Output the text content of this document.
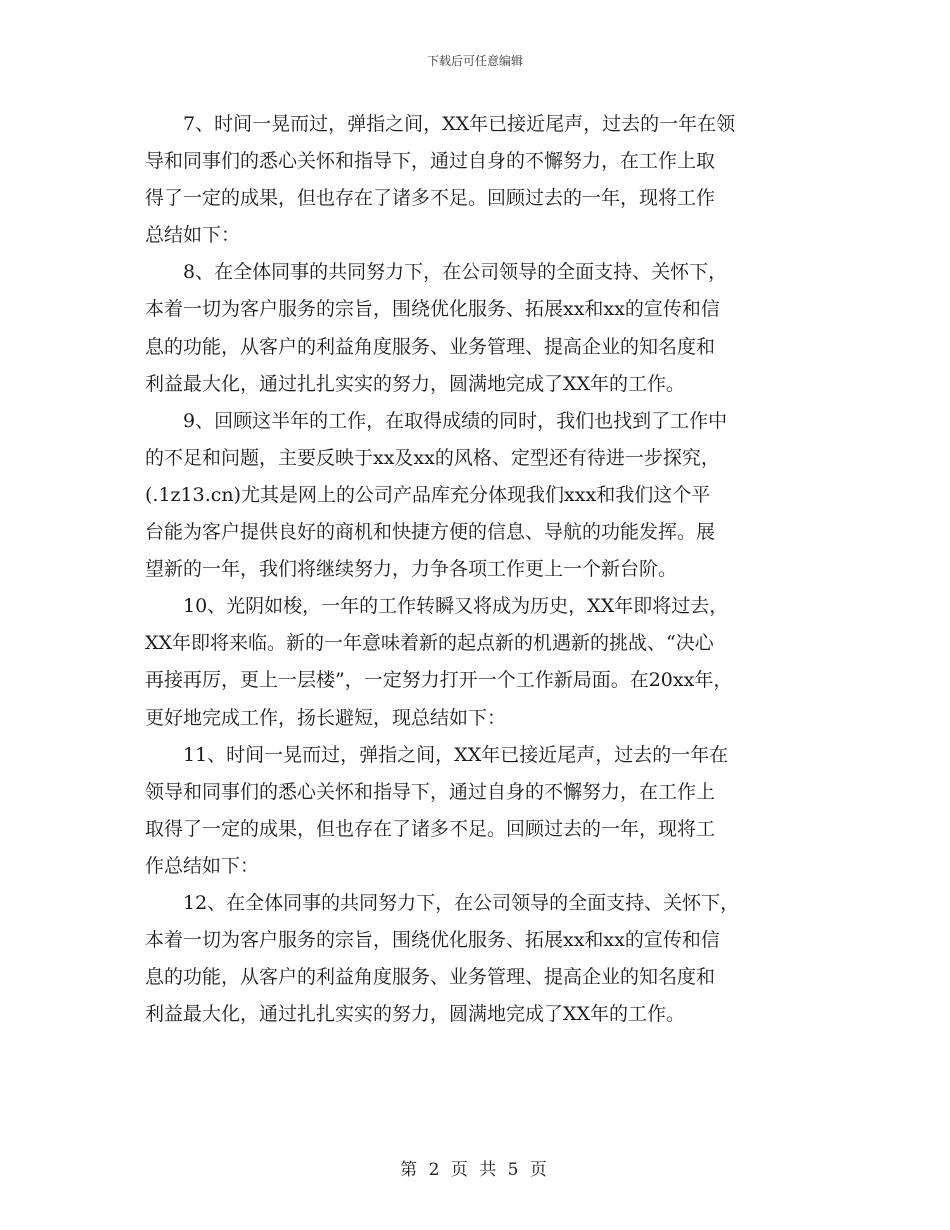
下载后可任意编辑
　　7、时间一晃而过，弹指之间，XX年已接近尾声，过去的一年在领
导和同事们的悉心关怀和指导下，通过自身的不懈努力，在工作上取
得了一定的成果，但也存在了诸多不足。回顾过去的一年，现将工作
总结如下：
　　8、在全体同事的共同努力下，在公司领导的全面支持、关怀下，
本着一切为客户服务的宗旨，围绕优化服务、拓展xx和xx的宣传和信
息的功能，从客户的利益角度服务、业务管理、提高企业的知名度和
利益最大化，通过扎扎实实的努力，圆满地完成了XX年的工作。
　　9、回顾这半年的工作，在取得成绩的同时，我们也找到了工作中
的不足和问题，主要反映于xx及xx的风格、定型还有待进一步探究，
(.1z13.cn)尤其是网上的公司产品库充分体现我们xxx和我们这个平
台能为客户提供良好的商机和快捷方便的信息、导航的功能发挥。展
望新的一年，我们将继续努力，力争各项工作更上一个新台阶。
　　10、光阴如梭，一年的工作转瞬又将成为历史，XX年即将过去，
XX年即将来临。新的一年意味着新的起点新的机遇新的挑战、“决心
再接再厉，更上一层楼”，一定努力打开一个工作新局面。在20xx年，
更好地完成工作，扬长避短，现总结如下：
　　11、时间一晃而过，弹指之间，XX年已接近尾声，过去的一年在
领导和同事们的悉心关怀和指导下，通过自身的不懈努力，在工作上
取得了一定的成果，但也存在了诸多不足。回顾过去的一年，现将工
作总结如下：
　　12、在全体同事的共同努力下，在公司领导的全面支持、关怀下，
本着一切为客户服务的宗旨，围绕优化服务、拓展xx和xx的宣传和信
息的功能，从客户的利益角度服务、业务管理、提高企业的知名度和
利益最大化，通过扎扎实实的努力，圆满地完成了XX年的工作。
第 2 页 共 5 页
